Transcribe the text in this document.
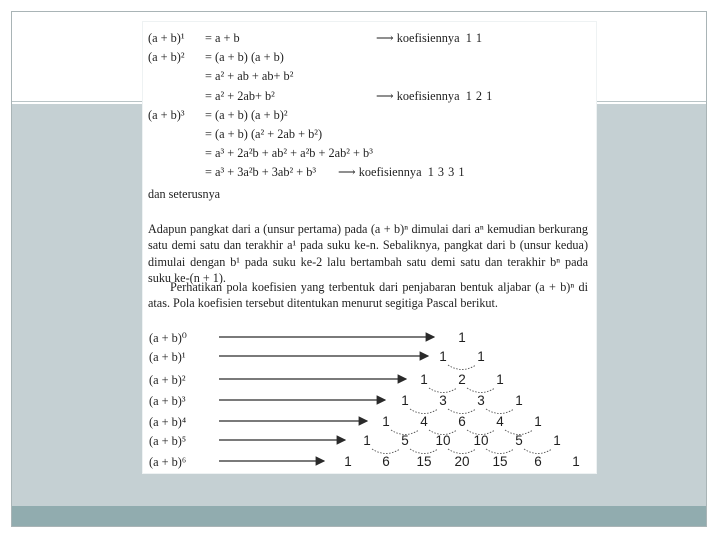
(a + b)¹ = a + b	⟶ koefisiennya 1 1
(a + b)² = (a + b) (a + b)
= a² + ab + ab+ b²
= a² + 2ab+ b²	⟶ koefisiennya 1 2 1
(a + b)³ = (a + b) (a + b)²
= (a + b) (a² + 2ab + b²)
= a³ + 2a²b + ab² + a²b + 2ab² + b³
= a³ + 3a²b + 3ab² + b³ ⟶ koefisiennya 1 3 3 1

dan seterusnya

Adapun pangkat dari a (unsur pertama) pada (a + b)ⁿ dimulai dari aⁿ kemudian berkurang satu demi satu dan terakhir a¹ pada suku ke-n. Sebaliknya, pangkat dari b (unsur kedua) dimulai dengan b¹ pada suku ke-2 lalu bertambah satu demi satu dan terakhir bⁿ pada suku ke-(n + 1).

Perhatikan pola koefisien yang terbentuk dari penjabaran bentuk aljabar (a + b)ⁿ di atas. Pola koefisien tersebut ditentukan menurut segitiga Pascal berikut.

(a + b)⁰
(a + b)¹
(a + b)²
(a + b)³
(a + b)⁴
(a + b)⁵
(a + b)⁶
1
1 1
1 2 1
1 3 3 1
1 4 6 4 1
1 5 10 10 5 1
1 6 15 20 15 6 1
